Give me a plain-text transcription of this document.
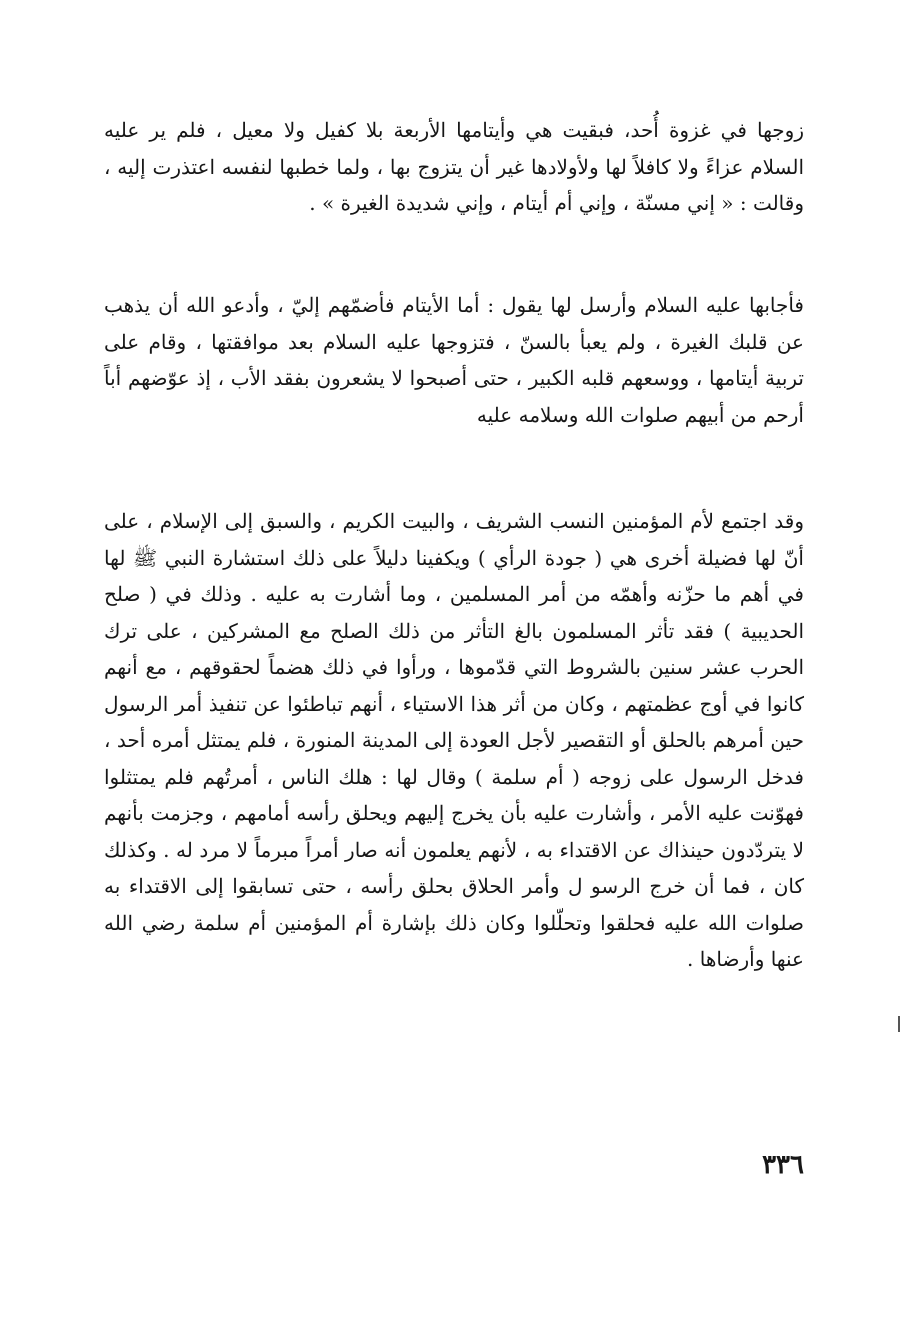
زوجها في غزوة أُحد، فبقيت هي وأيتامها الأربعة بلا كفيل ولا معيل ، فلم ير عليه السلام عزاءً ولا كافلاً لها ولأولادها غير أن يتزوج بها ، ولما خطبها لنفسه اعتذرت إليه ، وقالت : « إني مسنّة ، وإني أم أيتام ، وإني شديدة الغيرة » .

فأجابها عليه السلام وأرسل لها يقول : أما الأيتام فأضمّهم إليّ ، وأدعو الله أن يذهب عن قلبك الغيرة ، ولم يعبأ بالسنّ ، فتزوجها عليه السلام بعد موافقتها ، وقام على تربية أيتامها ، ووسعهم قلبه الكبير ، حتى أصبحوا لا يشعرون بفقد الأب ، إذ عوّضهم أباً أرحم من أبيهم صلوات الله وسلامه عليه

وقد اجتمع لأم المؤمنين النسب الشريف ، والبيت الكريم ، والسبق إلى الإسلام ، على أنّ لها فضيلة أخرى هي ( جودة الرأي ) ويكفينا دليلاً على ذلك استشارة النبي ﷺ لها في أهم ما حزّنه وأهمّه من أمر المسلمين ، وما أشارت به عليه . وذلك في ( صلح الحديبية ) فقد تأثر المسلمون بالغ التأثر من ذلك الصلح مع المشركين ، على ترك الحرب عشر سنين بالشروط التي قدّموها ، ورأوا في ذلك هضماً لحقوقهم ، مع أنهم كانوا في أوج عظمتهم ، وكان من أثر هذا الاستياء ، أنهم تباطئوا عن تنفيذ أمر الرسول حين أمرهم بالحلق أو التقصير لأجل العودة إلى المدينة المنورة ، فلم يمتثل أمره أحد ، فدخل الرسول على زوجه ( أم سلمة ) وقال لها : هلك الناس ، أمرتُهم فلم يمتثلوا فهوّنت عليه الأمر ، وأشارت عليه بأن يخرج إليهم ويحلق رأسه أمامهم ، وجزمت بأنهم لا يتردّدون حينذاك عن الاقتداء به ، لأنهم يعلمون أنه صار أمراً مبرماً لا مرد له . وكذلك كان ، فما أن خرج الرسو ل وأمر الحلاق بحلق رأسه ، حتى تسابقوا إلى الاقتداء به صلوات الله عليه فحلقوا وتحلّلوا وكان ذلك بإشارة أم المؤمنين أم سلمة رضي الله عنها وأرضاها .

٣٣٦
